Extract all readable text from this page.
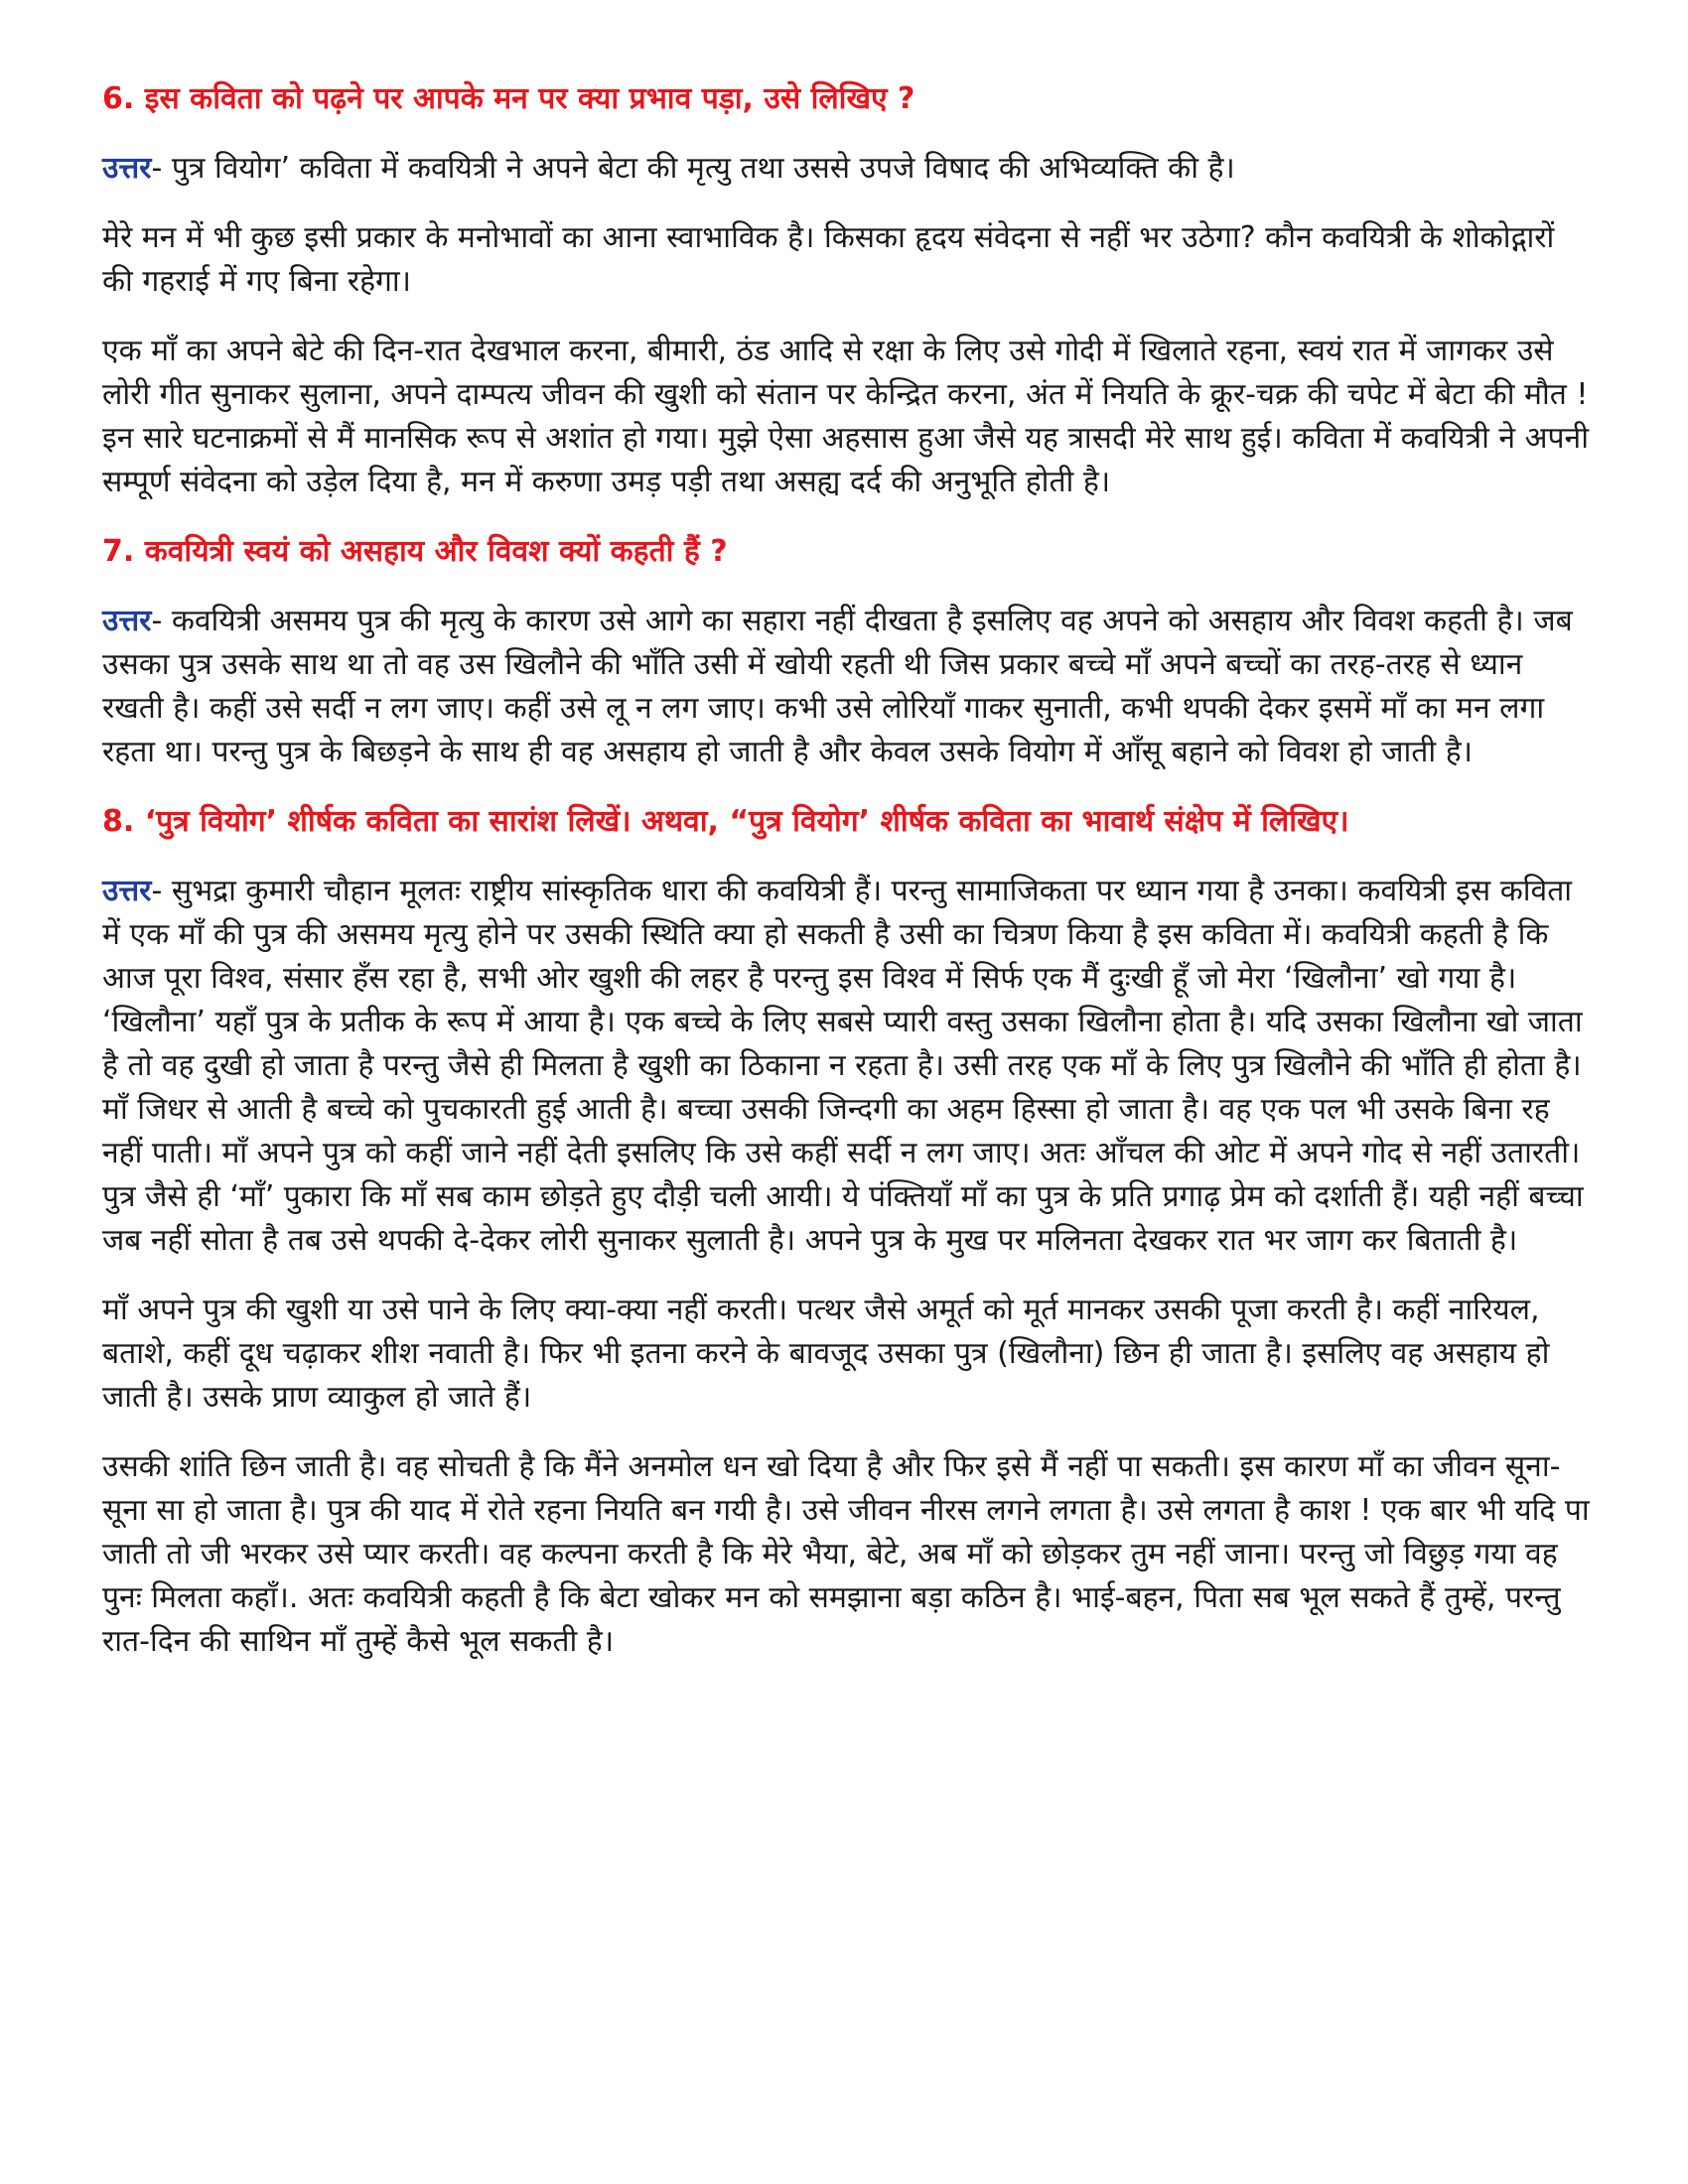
6. इस कविता को पढ़ने पर आपके मन पर क्या प्रभाव पड़ा, उसे लिखिए ?

उत्तर- पुत्र वियोग’ कविता में कवयित्री ने अपने बेटा की मृत्यु तथा उससे उपजे विषाद की अभिव्यक्ति की है।

मेरे मन में भी कुछ इसी प्रकार के मनोभावों का आना स्वाभाविक है। किसका हृदय संवेदना से नहीं भर उठेगा? कौन कवयित्री के शोकोद्गारों की गहराई में गए बिना रहेगा।

एक माँ का अपने बेटे की दिन-रात देखभाल करना, बीमारी, ठंड आदि से रक्षा के लिए उसे गोदी में खिलाते रहना, स्वयं रात में जागकर उसे लोरी गीत सुनाकर सुलाना, अपने दाम्पत्य जीवन की खुशी को संतान पर केन्द्रित करना, अंत में नियति के क्रूर-चक्र की चपेट में बेटा की मौत ! इन सारे घटनाक्रमों से मैं मानसिक रूप से अशांत हो गया। मुझे ऐसा अहसास हुआ जैसे यह त्रासदी मेरे साथ हुई। कविता में कवयित्री ने अपनी सम्पूर्ण संवेदना को उड़ेल दिया है, मन में करुणा उमड़ पड़ी तथा असह्य दर्द की अनुभूति होती है।

7. कवयित्री स्वयं को असहाय और विवश क्यों कहती हैं ?

उत्तर- कवयित्री असमय पुत्र की मृत्यु के कारण उसे आगे का सहारा नहीं दीखता है इसलिए वह अपने को असहाय और विवश कहती है। जब उसका पुत्र उसके साथ था तो वह उस खिलौने की भाँति उसी में खोयी रहती थी जिस प्रकार बच्चे माँ अपने बच्चों का तरह-तरह से ध्यान रखती है। कहीं उसे सर्दी न लग जाए। कहीं उसे लू न लग जाए। कभी उसे लोरियाँ गाकर सुनाती, कभी थपकी देकर इसमें माँ का मन लगा रहता था। परन्तु पुत्र के बिछड़ने के साथ ही वह असहाय हो जाती है और केवल उसके वियोग में आँसू बहाने को विवश हो जाती है।

8. ‘पुत्र वियोग’ शीर्षक कविता का सारांश लिखें। अथवा, “पुत्र वियोग’ शीर्षक कविता का भावार्थ संक्षेप में लिखिए।

उत्तर- सुभद्रा कुमारी चौहान मूलतः राष्ट्रीय सांस्कृतिक धारा की कवयित्री हैं। परन्तु सामाजिकता पर ध्यान गया है उनका। कवयित्री इस कविता में एक माँ की पुत्र की असमय मृत्यु होने पर उसकी स्थिति क्या हो सकती है उसी का चित्रण किया है इस कविता में। कवयित्री कहती है कि आज पूरा विश्व, संसार हँस रहा है, सभी ओर खुशी की लहर है परन्तु इस विश्व में सिर्फ एक मैं दुःखी हूँ जो मेरा ‘खिलौना’ खो गया है। ‘खिलौना’ यहाँ पुत्र के प्रतीक के रूप में आया है। एक बच्चे के लिए सबसे प्यारी वस्तु उसका खिलौना होता है। यदि उसका खिलौना खो जाता है तो वह दुखी हो जाता है परन्तु जैसे ही मिलता है खुशी का ठिकाना न रहता है। उसी तरह एक माँ के लिए पुत्र खिलौने की भाँति ही होता है। माँ जिधर से आती है बच्चे को पुचकारती हुई आती है। बच्चा उसकी जिन्दगी का अहम हिस्सा हो जाता है। वह एक पल भी उसके बिना रह नहीं पाती। माँ अपने पुत्र को कहीं जाने नहीं देती इसलिए कि उसे कहीं सर्दी न लग जाए। अतः आँचल की ओट में अपने गोद से नहीं उतारती। पुत्र जैसे ही ‘माँ’ पुकारा कि माँ सब काम छोड़ते हुए दौड़ी चली आयी। ये पंक्तियाँ माँ का पुत्र के प्रति प्रगाढ़ प्रेम को दर्शाती हैं। यही नहीं बच्चा जब नहीं सोता है तब उसे थपकी दे-देकर लोरी सुनाकर सुलाती है। अपने पुत्र के मुख पर मलिनता देखकर रात भर जाग कर बिताती है।

माँ अपने पुत्र की खुशी या उसे पाने के लिए क्या-क्या नहीं करती। पत्थर जैसे अमूर्त को मूर्त मानकर उसकी पूजा करती है। कहीं नारियल, बताशे, कहीं दूध चढ़ाकर शीश नवाती है। फिर भी इतना करने के बावजूद उसका पुत्र (खिलौना) छिन ही जाता है। इसलिए वह असहाय हो जाती है। उसके प्राण व्याकुल हो जाते हैं।

उसकी शांति छिन जाती है। वह सोचती है कि मैंने अनमोल धन खो दिया है और फिर इसे मैं नहीं पा सकती। इस कारण माँ का जीवन सूना-सूना सा हो जाता है। पुत्र की याद में रोते रहना नियति बन गयी है। उसे जीवन नीरस लगने लगता है। उसे लगता है काश ! एक बार भी यदि पा जाती तो जी भरकर उसे प्यार करती। वह कल्पना करती है कि मेरे भैया, बेटे, अब माँ को छोड़कर तुम नहीं जाना। परन्तु जो विछुड़ गया वह पुनः मिलता कहाँ।. अतः कवयित्री कहती है कि बेटा खोकर मन को समझाना बड़ा कठिन है। भाई-बहन, पिता सब भूल सकते हैं तुम्हें, परन्तु रात-दिन की साथिन माँ तुम्हें कैसे भूल सकती है।
